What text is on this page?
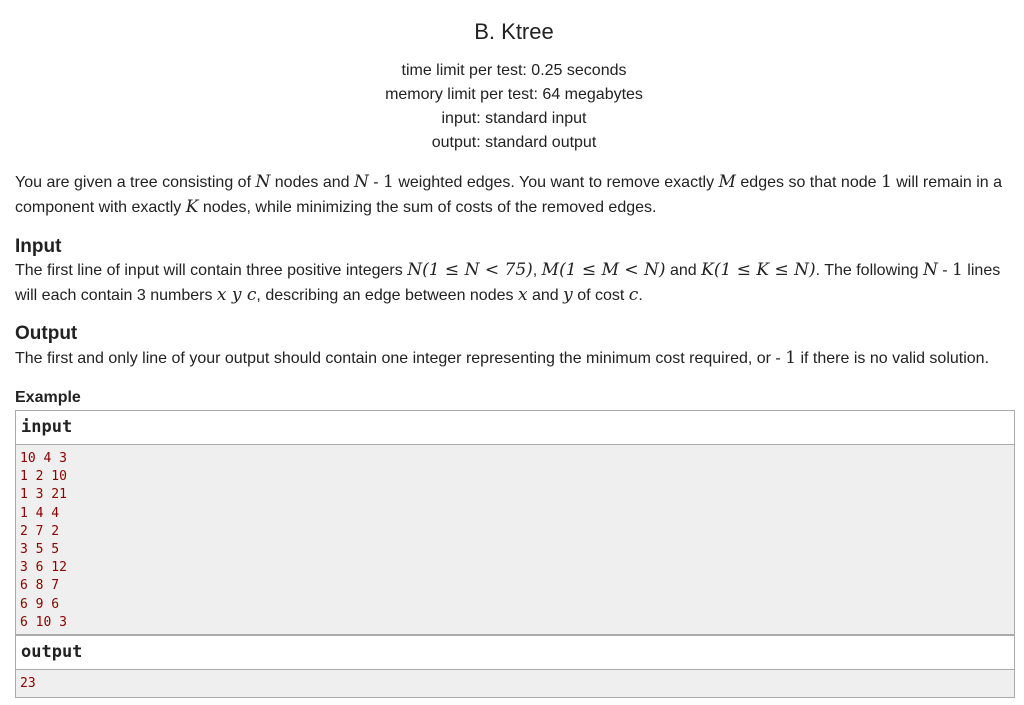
B. Ktree
time limit per test: 0.25 seconds
memory limit per test: 64 megabytes
input: standard input
output: standard output
You are given a tree consisting of N nodes and N - 1 weighted edges. You want to remove exactly M edges so that node 1 will remain in a component with exactly K nodes, while minimizing the sum of costs of the removed edges.
Input
The first line of input will contain three positive integers N(1 ≤ N < 75), M(1 ≤ M < N) and K(1 ≤ K ≤ N). The following N - 1 lines will each contain 3 numbers x y c, describing an edge between nodes x and y of cost c.
Output
The first and only line of your output should contain one integer representing the minimum cost required, or - 1 if there is no valid solution.
Example
input
10 4 3
1 2 10
1 3 21
1 4 4
2 7 2
3 5 5
3 6 12
6 8 7
6 9 6
6 10 3
output
23
